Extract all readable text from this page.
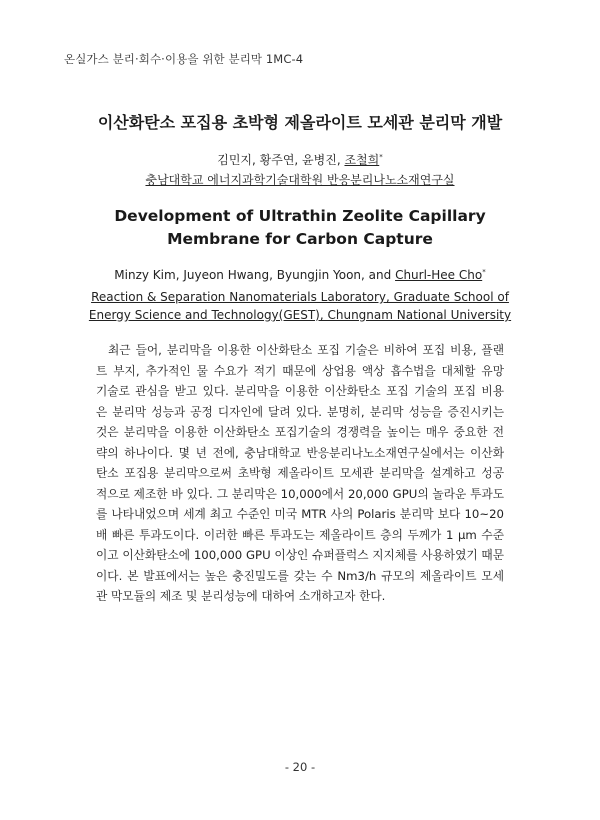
온실가스 분리·회수·이용을 위한 분리막 1MC-4
이산화탄소 포집용 초박형 제올라이트 모세관 분리막 개발
김민지, 황주연, 윤병진, 조철희*
충남대학교 에너지과학기술대학원 반응분리나노소재연구실
Development of Ultrathin Zeolite Capillary Membrane for Carbon Capture
Minzy Kim, Juyeon Hwang, Byungjin Yoon, and Churl-Hee Cho*
Reaction & Separation Nanomaterials Laboratory, Graduate School of Energy Science and Technology(GEST), Chungnam National University
최근 들어, 분리막을 이용한 이산화탄소 포집 기술은 비하여 포집 비용, 플랜
트 부지, 추가적인 물 수요가 적기 때문에 상업용 액상 흡수법을 대체할 유망
기술로 관심을 받고 있다. 분리막을 이용한 이산화탄소 포집 기술의 포집 비용
은 분리막 성능과 공정 디자인에 달려 있다. 분명히, 분리막 성능을 증진시키는
것은 분리막을 이용한 이산화탄소 포집기술의 경쟁력을 높이는 매우 중요한 전
략의 하나이다. 몇 년 전에, 충남대학교 반응분리나노소재연구실에서는 이산화
탄소 포집용 분리막으로써 초박형 제올라이트 모세관 분리막을 설계하고 성공
적으로 제조한 바 있다. 그 분리막은 10,000에서 20,000 GPU의 놀라운 투과도
를 나타내었으며 세계 최고 수준인 미국 MTR 사의 Polaris 분리막 보다 10~20
배 빠른 투과도이다. 이러한 빠른 투과도는 제올라이트 층의 두께가 1 μm 수준
이고 이산화탄소에 100,000 GPU 이상인 슈퍼플럭스 지지체를 사용하였기 때문
이다. 본 발표에서는 높은 충진밀도를 갖는 수 Nm3/h 규모의 제올라이트 모세
관 막모듈의 제조 및 분리성능에 대하여 소개하고자 한다.
- 20 -
